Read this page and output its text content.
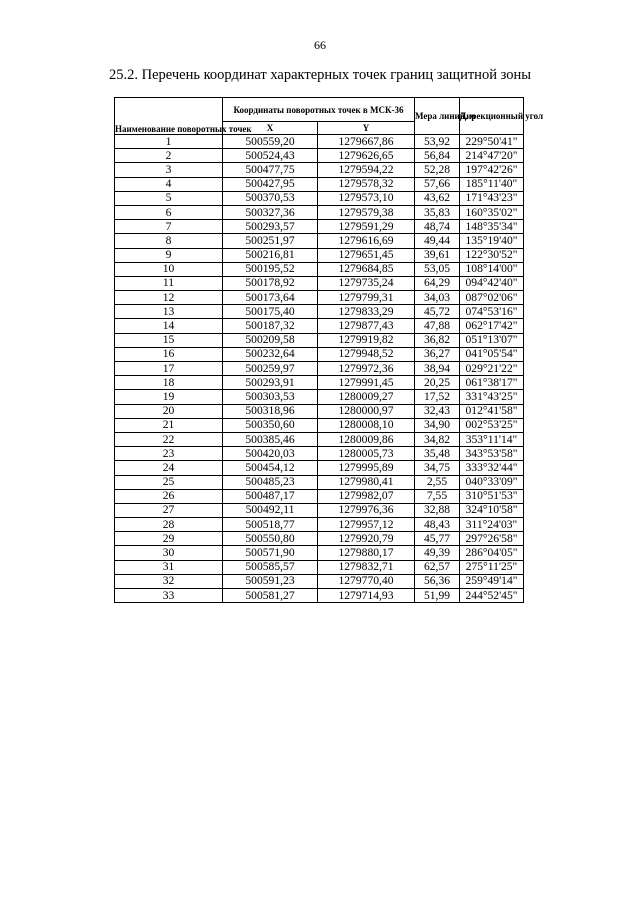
66
25.2. Перечень координат характерных точек границ защитной зоны
Наименование поворотных точек	Координаты поворотных точек в МСК-36		Мера линий, м	Дирекционный угол
	X	Y		
1	500559,20	1279667,86	53,92	229°50'41"
2	500524,43	1279626,65	56,84	214°47'20"
3	500477,75	1279594,22	52,28	197°42'26"
4	500427,95	1279578,32	57,66	185°11'40"
5	500370,53	1279573,10	43,62	171°43'23"
6	500327,36	1279579,38	35,83	160°35'02"
7	500293,57	1279591,29	48,74	148°35'34"
8	500251,97	1279616,69	49,44	135°19'40"
9	500216,81	1279651,45	39,61	122°30'52"
10	500195,52	1279684,85	53,05	108°14'00"
11	500178,92	1279735,24	64,29	094°42'40"
12	500173,64	1279799,31	34,03	087°02'06"
13	500175,40	1279833,29	45,72	074°53'16"
14	500187,32	1279877,43	47,88	062°17'42"
15	500209,58	1279919,82	36,82	051°13'07"
16	500232,64	1279948,52	36,27	041°05'54"
17	500259,97	1279972,36	38,94	029°21'22"
18	500293,91	1279991,45	20,25	061°38'17"
19	500303,53	1280009,27	17,52	331°43'25"
20	500318,96	1280000,97	32,43	012°41'58"
21	500350,60	1280008,10	34,90	002°53'25"
22	500385,46	1280009,86	34,82	353°11'14"
23	500420,03	1280005,73	35,48	343°53'58"
24	500454,12	1279995,89	34,75	333°32'44"
25	500485,23	1279980,41	2,55	040°33'09"
26	500487,17	1279982,07	7,55	310°51'53"
27	500492,11	1279976,36	32,88	324°10'58"
28	500518,77	1279957,12	48,43	311°24'03"
29	500550,80	1279920,79	45,77	297°26'58"
30	500571,90	1279880,17	49,39	286°04'05"
31	500585,57	1279832,71	62,57	275°11'25"
32	500591,23	1279770,40	56,36	259°49'14"
33	500581,27	1279714,93	51,99	244°52'45"
